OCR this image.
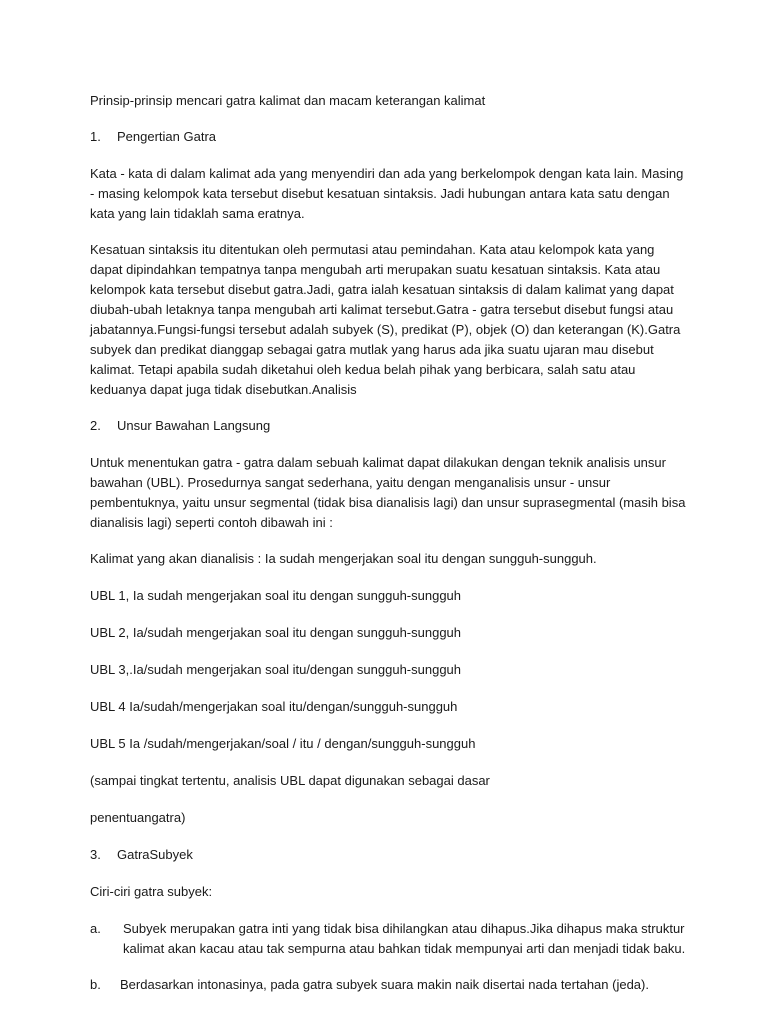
Prinsip-prinsip mencari gatra kalimat dan macam keterangan kalimat

1.	Pengertian Gatra

Kata - kata di dalam kalimat ada yang menyendiri dan ada yang berkelompok dengan kata lain. Masing - masing kelompok kata tersebut disebut kesatuan sintaksis. Jadi hubungan antara kata satu dengan kata yang lain tidaklah sama eratnya.

Kesatuan sintaksis itu ditentukan oleh permutasi atau pemindahan. Kata atau kelompok kata yang dapat dipindahkan tempatnya tanpa mengubah arti merupakan suatu kesatuan sintaksis. Kata atau kelompok kata tersebut disebut gatra.Jadi, gatra ialah kesatuan sintaksis di dalam kalimat yang dapat diubah-ubah letaknya tanpa mengubah arti kalimat tersebut.Gatra - gatra tersebut disebut fungsi atau jabatannya.Fungsi-fungsi tersebut adalah subyek (S), predikat (P), objek (O) dan keterangan (K).Gatra subyek dan predikat dianggap sebagai gatra mutlak yang harus ada jika suatu ujaran mau disebut kalimat. Tetapi apabila sudah diketahui oleh kedua belah pihak yang berbicara, salah satu atau keduanya dapat juga tidak disebutkan.Analisis

2.	Unsur Bawahan Langsung

Untuk menentukan gatra - gatra dalam sebuah kalimat dapat dilakukan dengan teknik analisis unsur bawahan (UBL). Prosedurnya sangat sederhana, yaitu dengan menganalisis unsur - unsur pembentuknya, yaitu unsur segmental (tidak bisa dianalisis lagi) dan unsur suprasegmental (masih bisa dianalisis lagi) seperti contoh dibawah ini :

Kalimat yang akan dianalisis : Ia sudah mengerjakan soal itu dengan sungguh-sungguh.

UBL 1, Ia sudah mengerjakan soal itu dengan sungguh-sungguh

UBL 2, Ia/sudah mengerjakan soal itu dengan sungguh-sungguh

UBL 3,.Ia/sudah mengerjakan soal itu/dengan sungguh-sungguh

UBL 4 Ia/sudah/mengerjakan soal itu/dengan/sungguh-sungguh

UBL 5 Ia /sudah/mengerjakan/soal / itu / dengan/sungguh-sungguh

(sampai tingkat tertentu, analisis UBL dapat digunakan sebagai dasar

penentuangatra)

3.	GatraSubyek

Ciri-ciri gatra subyek:

a.	Subyek merupakan gatra inti yang tidak bisa dihilangkan atau dihapus.Jika dihapus maka struktur kalimat akan kacau atau tak sempurna atau bahkan tidak mempunyai arti dan menjadi tidak baku.
b.	Berdasarkan intonasinya, pada gatra subyek suara makin naik disertai nada tertahan (jeda).
